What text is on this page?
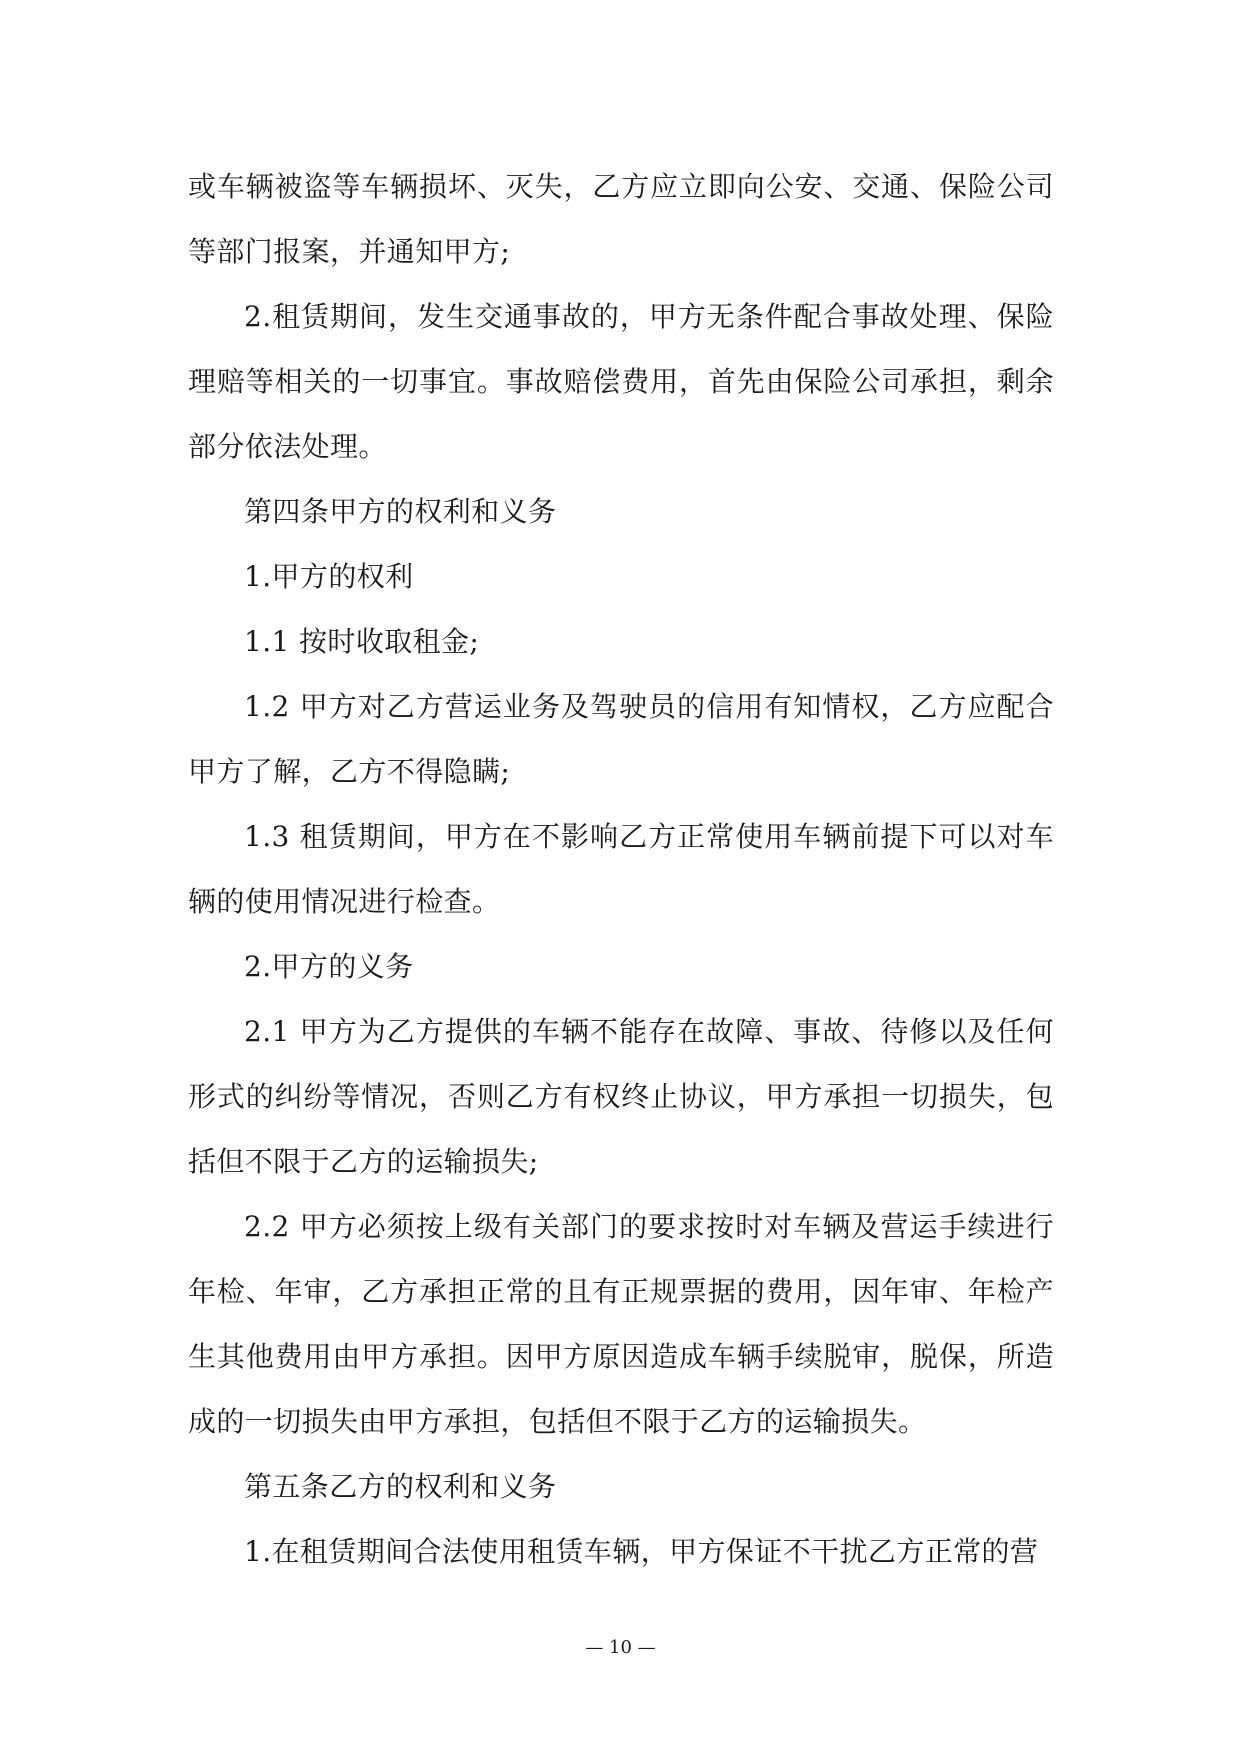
或车辆被盗等车辆损坏、灭失，乙方应立即向公安、交通、保险公司等部门报案，并通知甲方;

2.租赁期间，发生交通事故的，甲方无条件配合事故处理、保险理赔等相关的一切事宜。事故赔偿费用，首先由保险公司承担，剩余部分依法处理。

第四条甲方的权利和义务

1.甲方的权利

1.1 按时收取租金;

1.2 甲方对乙方营运业务及驾驶员的信用有知情权，乙方应配合甲方了解，乙方不得隐瞒;

1.3 租赁期间，甲方在不影响乙方正常使用车辆前提下可以对车辆的使用情况进行检查。

2.甲方的义务

2.1 甲方为乙方提供的车辆不能存在故障、事故、待修以及任何形式的纠纷等情况，否则乙方有权终止协议，甲方承担一切损失，包括但不限于乙方的运输损失;

2.2 甲方必须按上级有关部门的要求按时对车辆及营运手续进行年检、年审，乙方承担正常的且有正规票据的费用，因年审、年检产生其他费用由甲方承担。因甲方原因造成车辆手续脱审，脱保，所造成的一切损失由甲方承担，包括但不限于乙方的运输损失。

第五条乙方的权利和义务

1.在租赁期间合法使用租赁车辆，甲方保证不干扰乙方正常的营

— 10 —
